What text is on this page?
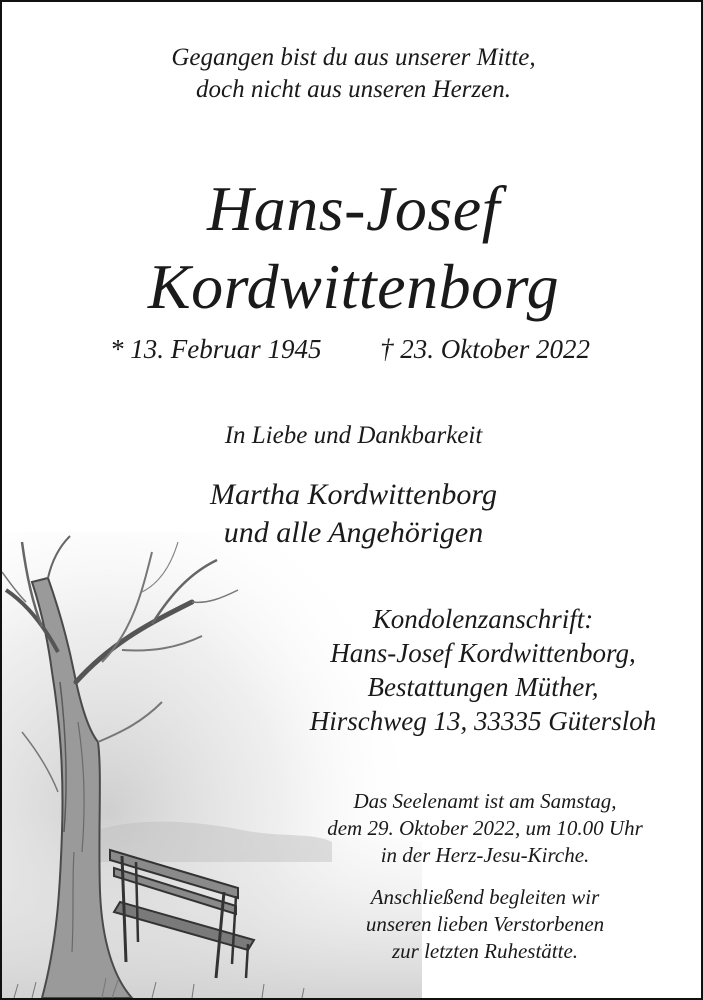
Gegangen bist du aus unserer Mitte,
doch nicht aus unseren Herzen.
Hans-Josef
Kordwittenborg
* 13. Februar 1945 † 23. Oktober 2022
In Liebe und Dankbarkeit
Martha Kordwittenborg
und alle Angehörigen
Kondolenzanschrift:
Hans-Josef Kordwittenborg,
Bestattungen Müther,
Hirschweg 13, 33335 Gütersloh
Das Seelenamt ist am Samstag,
dem 29. Oktober 2022, um 10.00 Uhr
in der Herz-Jesu-Kirche.
Anschließend begleiten wir
unseren lieben Verstorbenen
zur letzten Ruhestätte.
